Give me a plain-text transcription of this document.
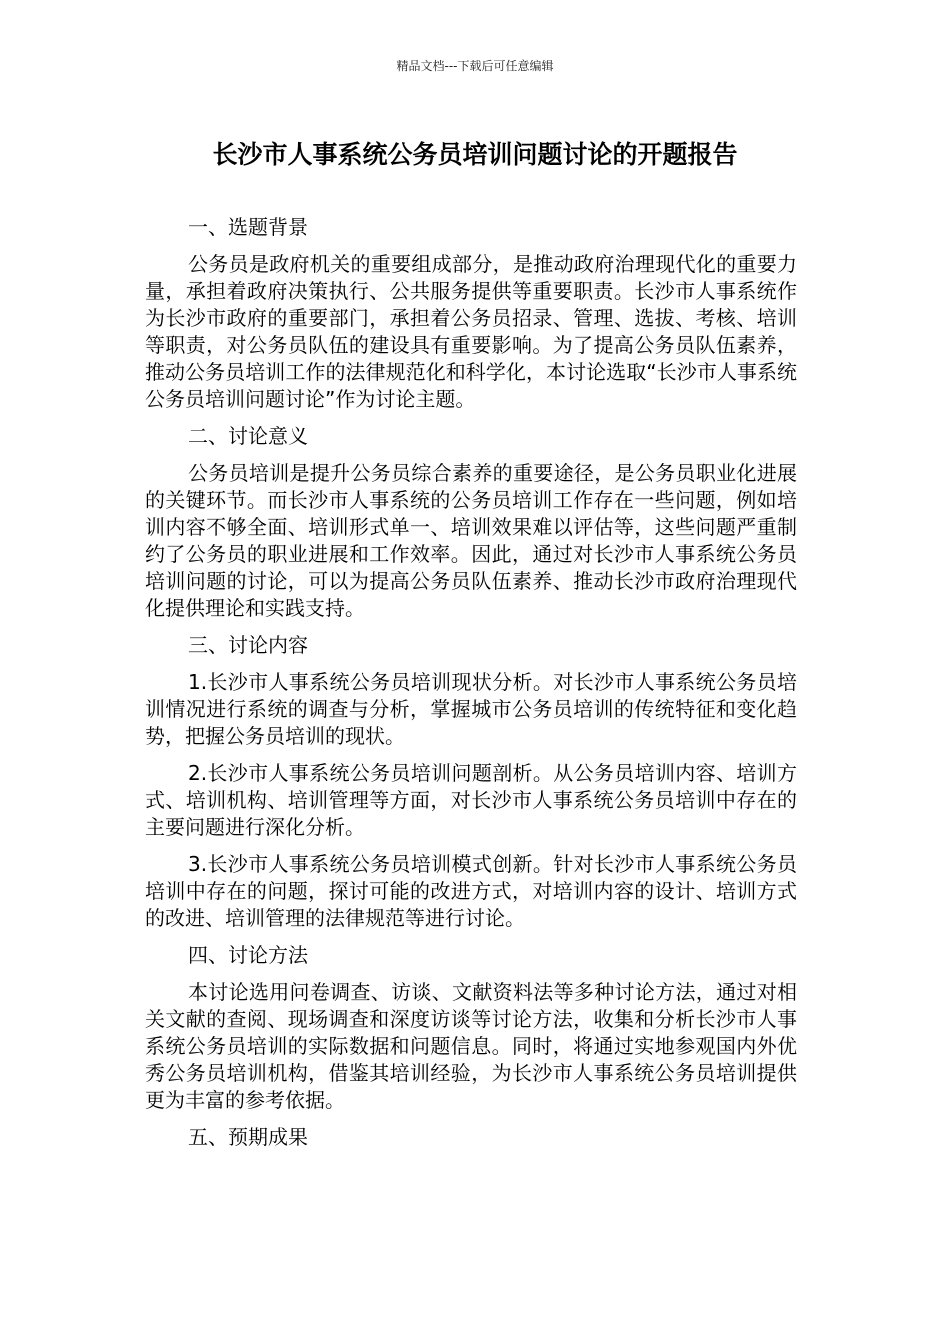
精品文档---下载后可任意编辑
长沙市人事系统公务员培训问题讨论的开题报告

一、选题背景

公务员是政府机关的重要组成部分，是推动政府治理现代化的重要力量，承担着政府决策执行、公共服务提供等重要职责。长沙市人事系统作为长沙市政府的重要部门，承担着公务员招录、管理、选拔、考核、培训等职责，对公务员队伍的建设具有重要影响。为了提高公务员队伍素养，推动公务员培训工作的法律规范化和科学化，本讨论选取“长沙市人事系统公务员培训问题讨论”作为讨论主题。

二、讨论意义

公务员培训是提升公务员综合素养的重要途径，是公务员职业化进展的关键环节。而长沙市人事系统的公务员培训工作存在一些问题，例如培训内容不够全面、培训形式单一、培训效果难以评估等，这些问题严重制约了公务员的职业进展和工作效率。因此，通过对长沙市人事系统公务员培训问题的讨论，可以为提高公务员队伍素养、推动长沙市政府治理现代化提供理论和实践支持。

三、讨论内容

1.长沙市人事系统公务员培训现状分析。对长沙市人事系统公务员培训情况进行系统的调查与分析，掌握城市公务员培训的传统特征和变化趋势，把握公务员培训的现状。

2.长沙市人事系统公务员培训问题剖析。从公务员培训内容、培训方式、培训机构、培训管理等方面，对长沙市人事系统公务员培训中存在的主要问题进行深化分析。

3.长沙市人事系统公务员培训模式创新。针对长沙市人事系统公务员培训中存在的问题，探讨可能的改进方式，对培训内容的设计、培训方式的改进、培训管理的法律规范等进行讨论。

四、讨论方法

本讨论选用问卷调查、访谈、文献资料法等多种讨论方法，通过对相关文献的查阅、现场调查和深度访谈等讨论方法，收集和分析长沙市人事系统公务员培训的实际数据和问题信息。同时，将通过实地参观国内外优秀公务员培训机构，借鉴其培训经验，为长沙市人事系统公务员培训提供更为丰富的参考依据。

五、预期成果
